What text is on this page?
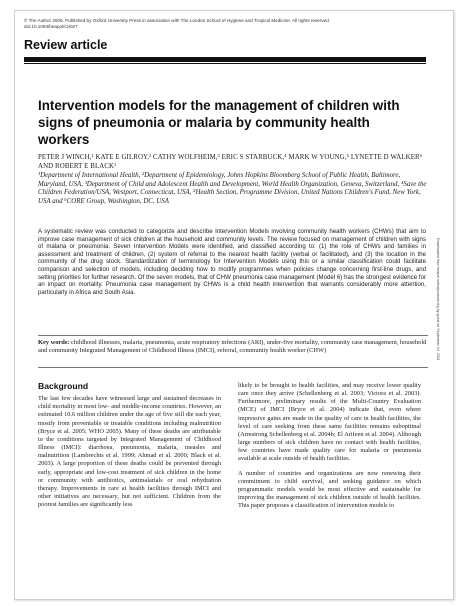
© The Author 2005. Published by Oxford University Press in association with The London School of Hygiene and Tropical Medicine. All rights reserved.
doi:10.1093/heapol/czi027
Review article
Intervention models for the management of children with signs of pneumonia or malaria by community health workers
PETER J WINCH,¹ KATE E GILROY,² CATHY WOLFHEIM,³ ERIC S STARBUCK,⁴ MARK W YOUNG,⁵ LYNETTE D WALKER⁶ AND ROBERT E BLACK¹
¹Department of International Health, ²Department of Epidemiology, Johns Hopkins Bloomberg School of Public Health, Baltimore, Maryland, USA, ³Department of Child and Adolescent Health and Development, World Health Organization, Geneva, Switzerland, ⁴Save the Children Federation/USA, Westport, Connecticut, USA, ⁵Health Section, Programme Division, United Nations Children's Fund, New York, USA and ⁶CORE Group, Washington, DC, USA
A systematic review was conducted to categorize and describe Intervention Models involving community health workers (CHWs) that aim to improve case management of sick children at the household and community levels. The review focused on management of children with signs of malaria or pneumonia. Seven Intervention Models were identified, and classified according to: (1) the role of CHWs and families in assessment and treatment of children, (2) system of referral to the nearest health facility (verbal or facilitated), and (3) the location in the community of the drug stock. Standardization of terminology for Intervention Models using this or a similar classification could facilitate comparison and selection of models, including deciding how to modify programmes when policies change concerning first-line drugs, and setting priorities for further research. Of the seven models, that of CHW pneumonia case management (Model 6) has the strongest evidence for an impact on mortality. Pneumonia case management by CHWs is a child health intervention that warrants considerably more attention, particularly in Africa and South Asia.
Key words: childhood illnesses, malaria, pneumonia, acute respiratory infections (ARI), under-five mortality, community case management, household and community Integrated Management of Childhood Illness (IMCI), referral, community health worker (CHW)	Downloaded from heapol.oxfordjournals.org by guest on September 14, 2011
Background

The last few decades have witnessed large and sustained decreases in child mortality in most low- and middle-income countries. However, an estimated 10.6 million children under the age of five still die each year, mostly from preventable or treatable conditions including malnutrition (Bryce et al. 2005; WHO 2005). Many of these deaths are attributable to the conditions targeted by Integrated Management of Childhood Illness (IMCI): diarrhoea, pneumonia, malaria, measles and malnutrition (Lambrechts et al. 1999; Ahmad et al. 2000; Black et al. 2003). A large proportion of these deaths could be prevented through early, appropriate and low-cost treatment of sick children in the home or community with antibiotics, antimalarials or oral rehydration therapy. Improvements in care at health facilities through IMCI and other initiatives are necessary, but not sufficient. Children from the poorest families are significantly less

likely to be brought to health facilities, and may receive lower quality care once they arrive (Schellenberg et al. 2003; Victora et al. 2003). Furthermore, preliminary results of the Multi-Country Evaluation (MCE) of IMCI (Bryce et al. 2004) indicate that, even where impressive gains are made in the quality of care in health facilities, the level of care seeking from these same facilities remains suboptimal (Armstrong Schellenberg et al. 2004b; El Arifeen et al. 2004). Although large numbers of sick children have no contact with health facilities, few countries have made quality care for malaria or pneumonia available at scale outside of health facilities.

A number of countries and organizations are now renewing their commitment to child survival, and seeking guidance on which programmatic models would be most effective and sustainable for improving the management of sick children outside of health facilities. This paper proposes a classification of intervention models to
